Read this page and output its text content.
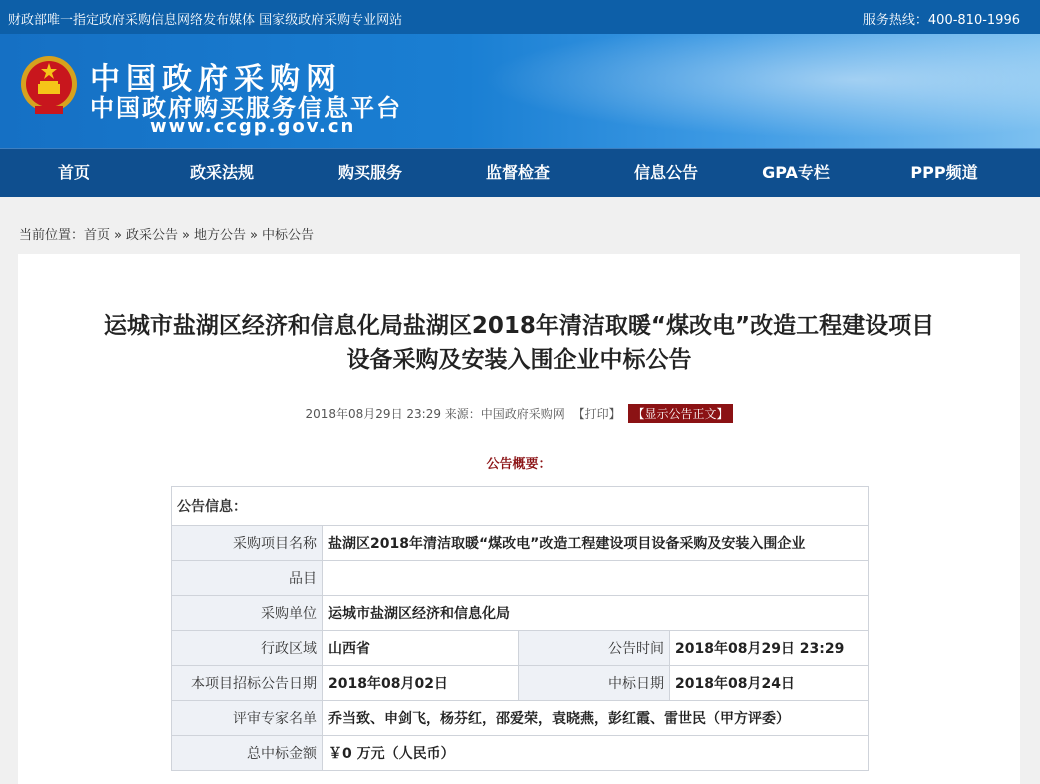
财政部唯一指定政府采购信息网络发布媒体 国家级政府采购专业网站	服务热线：400-810-1996
中国政府采购网
中国政府购买服务信息平台
www.ccgp.gov.cn
首页	政采法规	购买服务	监督检查	信息公告	GPA专栏	PPP频道
当前位置：首页 » 政采公告 » 地方公告 » 中标公告
运城市盐湖区经济和信息化局盐湖区2018年清洁取暖“煤改电”改造工程建设项目
设备采购及安装入围企业中标公告
2018年08月29日 23:29 来源：中国政府采购网 【打印】 【显示公告正文】
公告概要：
公告信息：			
采购项目名称	盐湖区2018年清洁取暖“煤改电”改造工程建设项目设备采购及安装入围企业		
品目			
采购单位	运城市盐湖区经济和信息化局		
行政区域	山西省	公告时间	2018年08月29日 23:29
本项目招标公告日期	2018年08月02日	中标日期	2018年08月24日
评审专家名单	乔当致、申剑飞，杨芬红，邵爱荣，袁晓燕，彭红霞、雷世民（甲方评委）		
总中标金额	￥0 万元（人民币）		
